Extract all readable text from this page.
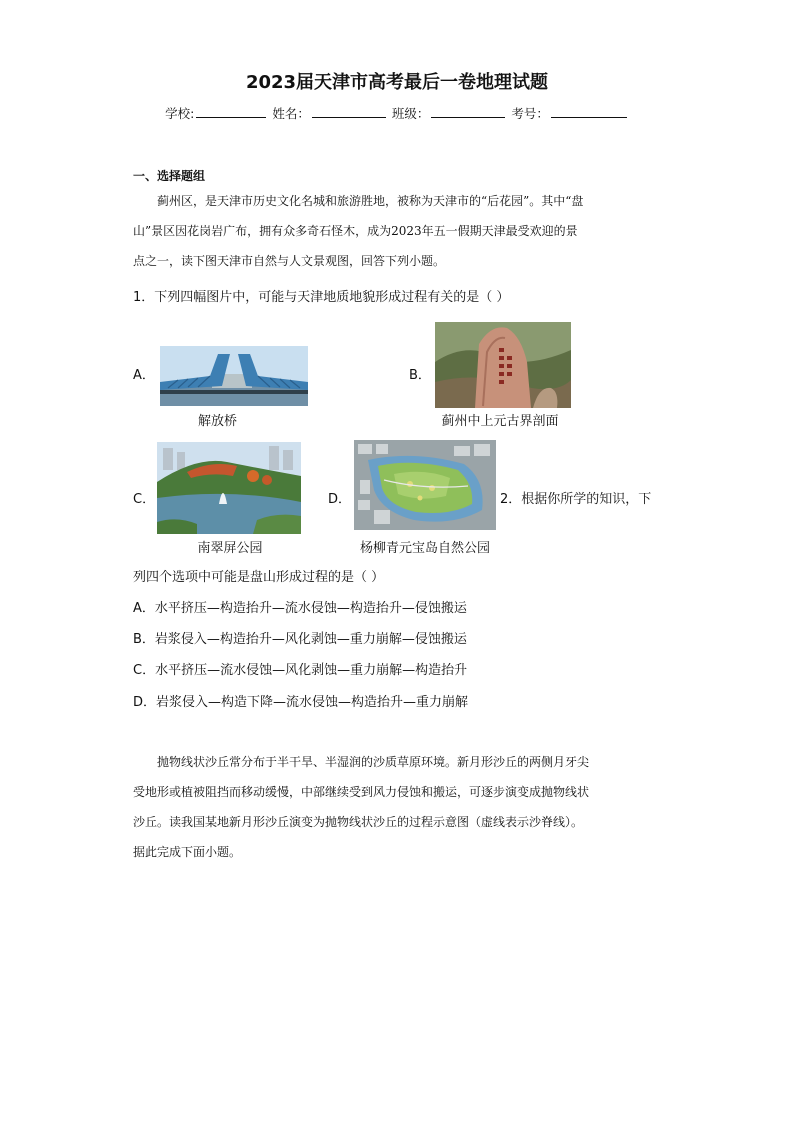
2023届天津市高考最后一卷地理试题
学校:	姓名：	班级：	考号：
一、选择题组
蓟州区，是天津市历史文化名城和旅游胜地，被称为天津市的“后花园”。其中“盘
山”景区因花岗岩广布，拥有众多奇石怪木，成为2023年五一假期天津最受欢迎的景
点之一，读下图天津市自然与人文景观图，回答下列小题。
1．下列四幅图片中，可能与天津地质地貌形成过程有关的是（ ）
A．
解放桥
B．
蓟州中上元古界剖面
C．
南翠屏公园
D．
杨柳青元宝岛自然公园
2．根据你所学的知识，下
列四个选项中可能是盘山形成过程的是（ ）
A．水平挤压—构造抬升—流水侵蚀—构造抬升—侵蚀搬运
B．岩浆侵入—构造抬升—风化剥蚀—重力崩解—侵蚀搬运
C．水平挤压—流水侵蚀—风化剥蚀—重力崩解—构造抬升
D．岩浆侵入—构造下降—流水侵蚀—构造抬升—重力崩解
抛物线状沙丘常分布于半干旱、半湿润的沙质草原环境。新月形沙丘的两侧月牙尖
受地形或植被阻挡而移动缓慢，中部继续受到风力侵蚀和搬运，可逐步演变成抛物线状
沙丘。读我国某地新月形沙丘演变为抛物线状沙丘的过程示意图（虚线表示沙脊线）。
据此完成下面小题。
